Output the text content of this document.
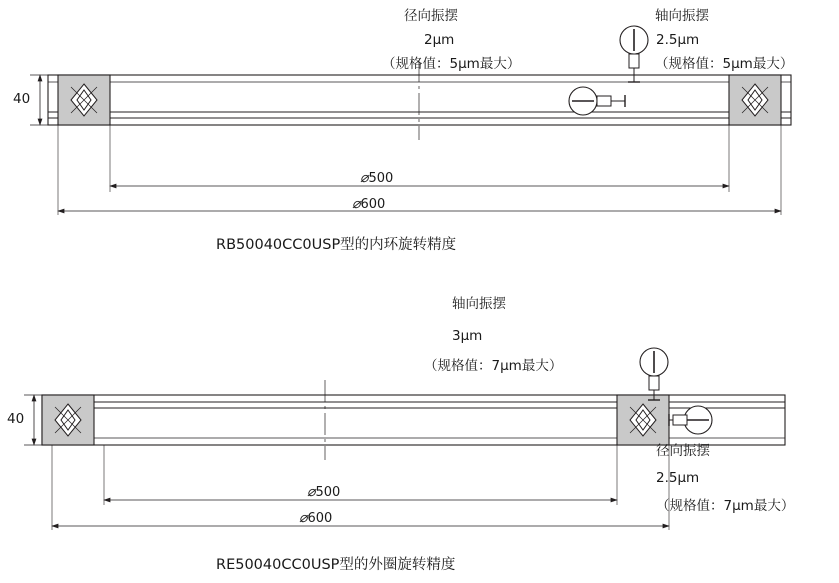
径向振摆
2μm
（规格值：5μm最大）
轴向振摆
2.5μm
（规格值：5μm最大）
40
⌀500
⌀600
RB50040CC0USP型的内环旋转精度
轴向振摆
3μm
（规格值：7μm最大）
径向振摆
2.5μm
（规格值：7μm最大）
40
⌀500
⌀600
RE50040CC0USP型的外圈旋转精度
